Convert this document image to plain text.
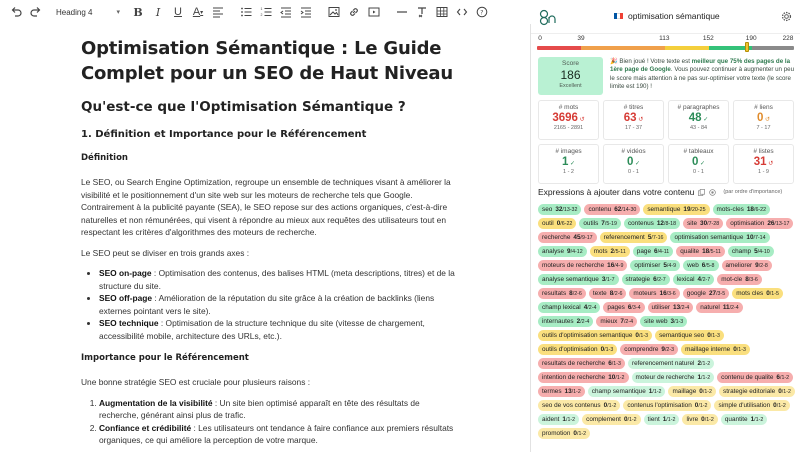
Heading 4	▾	B	I	U A ▾
1
2	?
Optimisation Sémantique : Le Guide Complet pour un SEO de Haut Niveau
Qu'est-ce que l'Optimisation Sémantique ?
1. Définition et Importance pour le Référencement
Définition

Le SEO, ou Search Engine Optimization, regroupe un ensemble de techniques visant à améliorer la visibilité et le positionnement d'un site web sur les moteurs de recherche tels que Google. Contrairement à la publicité payante (SEA), le SEO repose sur des actions organiques, c'est-à-dire naturelles et non rémunérées, qui visent à répondre au mieux aux requêtes des utilisateurs tout en respectant les critères d'algorithmes des moteurs de recherche.

Le SEO peut se diviser en trois grands axes :

• SEO on-page : Optimisation des contenus, des balises HTML (meta descriptions, titres) et de la structure du site.
• SEO off-page : Amélioration de la réputation du site grâce à la création de backlinks (liens externes pointant vers le site).
• SEO technique : Optimisation de la structure technique du site (vitesse de chargement, accessibilité mobile, architecture des URLs, etc.).
Importance pour le Référencement

Une bonne stratégie SEO est cruciale pour plusieurs raisons :

1. Augmentation de la visibilité : Un site bien optimisé apparaît en tête des résultats de recherche, générant ainsi plus de trafic.
2. Confiance et crédibilité : Les utilisateurs ont tendance à faire confiance aux premiers résultats organiques, ce qui améliore la perception de votre marque.
optimisation sémantique
0	39	113	152	190	228
Score
186
Excellent
🎉 Bien joué ! Votre texte est meilleur que 75% des pages de la 1ère page de Google. Vous pouvez continuer à augmenter un peu le score mais attention à ne pas sur-optimiser votre texte (le score limite est 190) !
# mots
3696 ↺
2165 - 2891
# titres
63 ↺
17 - 37
# paragraphes
48 ✓
43 - 84
# liens
0 ↺
7 - 17
# images
1 ✓
1 - 2
# vidéos
0 ✓
0 - 1
# tableaux
0 ✓
0 - 1
# listes
31 ↺
1 - 9
Expressions à ajouter dans votre contenu	(par ordre d'importance)
seo 32/13-32 contenu 62/14-30 semantique 19/20-25 mots-cles 18/6-22
outil 0/6-22 outils 7/5-19 contenus 12/8-18 site 30/7-28 optimisation 26/13-17
recherche 45/9-17 referencement 5/7-16 optimisation semantique 10/7-14
analyse 9/4-12 mots 2/5-11 page 6/4-11 qualite 18/5-11 champ 5/4-10
moteurs de recherche 16/4-9 optimiser 5/4-9 web 6/5-8 ameliorer 9/2-8
analyse semantique 3/1-7 strategie 6/2-7 lexical 4/2-7 mot-cle 8/3-6
resultats 8/2-6 texte 8/2-6 moteurs 16/3-6 google 27/3-5 mots cles 0/1-5
champ lexical 4/2-4 pages 6/3-4 utiliser 13/2-4 naturel 11/2-4
internautes 2/2-4 mieux 7/2-4 site web 3/1-3
outils d'optimisation semantique 0/1-3 semantique seo 0/1-3
outils d'optimisation 0/1-3 comprendre 9/2-3 maillage interne 0/1-3
resultats de recherche 6/1-3 referencement naturel 2/1-2
intention de recherche 10/1-2 moteur de recherche 1/1-2 contenu de qualite 6/1-2
termes 13/1-2 champ semantique 1/1-2 maillage 0/1-2 strategie editoriale 0/1-2
seo de vos contenus 0/1-2 contenus l'optimisation 0/1-2 simple d'utilisation 0/1-2
aident 1/1-2 complement 0/1-2 tient 1/1-2 livre 0/1-2 quantite 1/1-2
promotion 0/1-2
